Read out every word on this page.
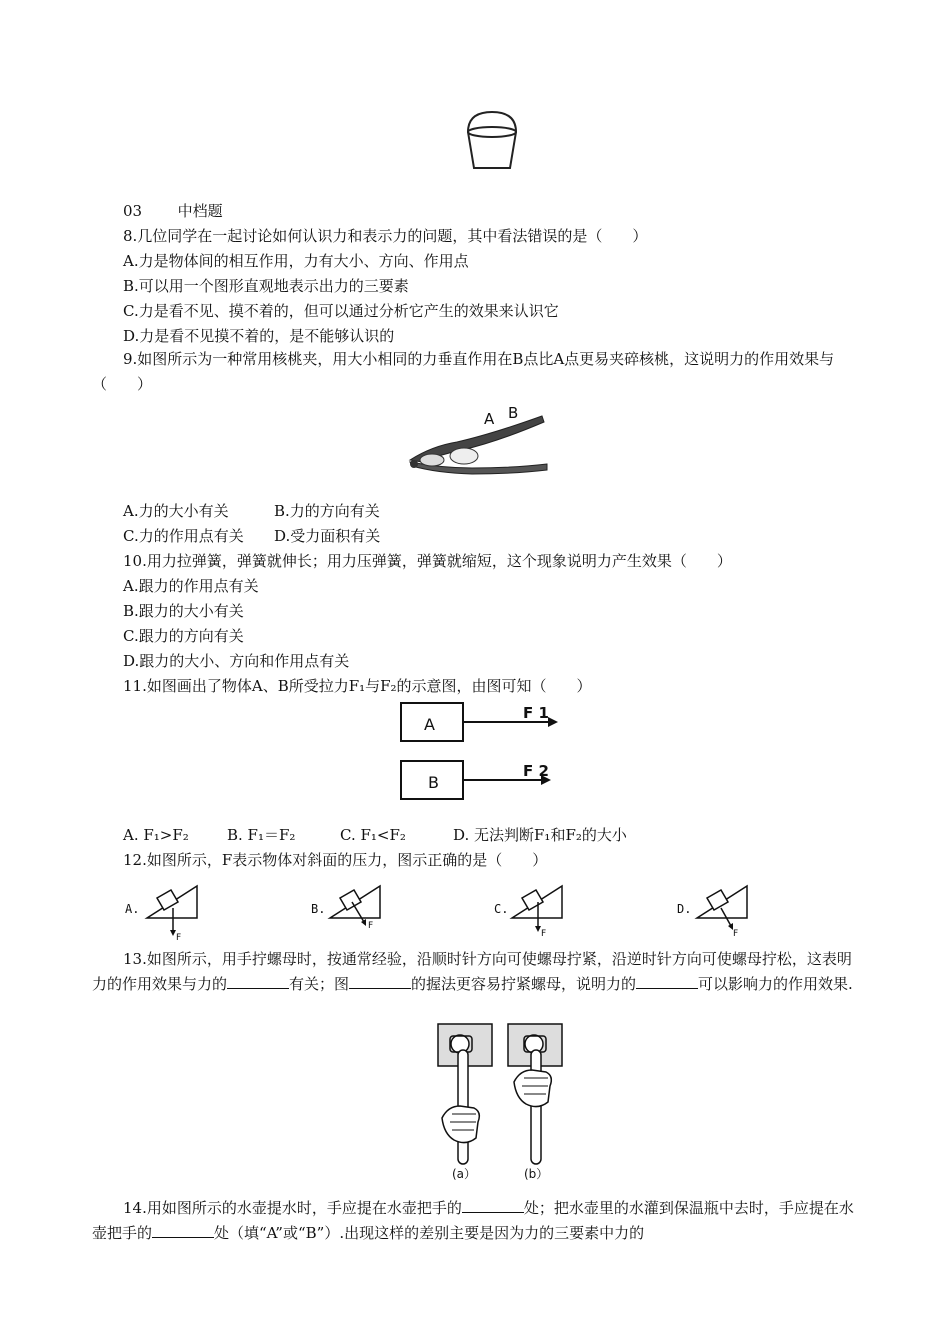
03 中档题
8.几位同学在一起讨论如何认识力和表示力的问题，其中看法错误的是（　　）
A.力是物体间的相互作用，力有大小、方向、作用点
B.可以用一个图形直观地表示出力的三要素
C.力是看不见、摸不着的，但可以通过分析它产生的效果来认识它
D.力是看不见摸不着的，是不能够认识的
9.如图所示为一种常用核桃夹，用大小相同的力垂直作用在B点比A点更易夹碎核桃，这说明力的作用效果与（　　）
A B
A.力的大小有关	B.力的方向有关
C.力的作用点有关 D.受力面积有关
10.用力拉弹簧，弹簧就伸长；用力压弹簧，弹簧就缩短，这个现象说明力产生效果（　　）
A.跟力的作用点有关
B.跟力的大小有关
C.跟力的方向有关
D.跟力的大小、方向和作用点有关
11.如图画出了物体A、B所受拉力F₁与F₂的示意图，由图可知（　　）
A
F 1
B
F 2
A. F₁>F₂	B. F₁＝F₂	C. F₁<F₂	D. 无法判断F₁和F₂的大小
12.如图所示，F表示物体对斜面的压力，图示正确的是（　　）
A.
F
B.
F
C.
F
D.
F
13.如图所示，用手拧螺母时，按通常经验，沿顺时针方向可使螺母拧紧，沿逆时针方向可使螺母拧松，这表明力的作用效果与力的	有关；图	的握法更容易拧紧螺母，说明力的	可以影响力的作用效果.
(a）	(b）
14.用如图所示的水壶提水时，手应提在水壶把手的	处；把水壶里的水灌到保温瓶中去时，手应提在水壶把手的	处（填“A”或“B”）.出现这样的差别主要是因为力的三要素中力的
